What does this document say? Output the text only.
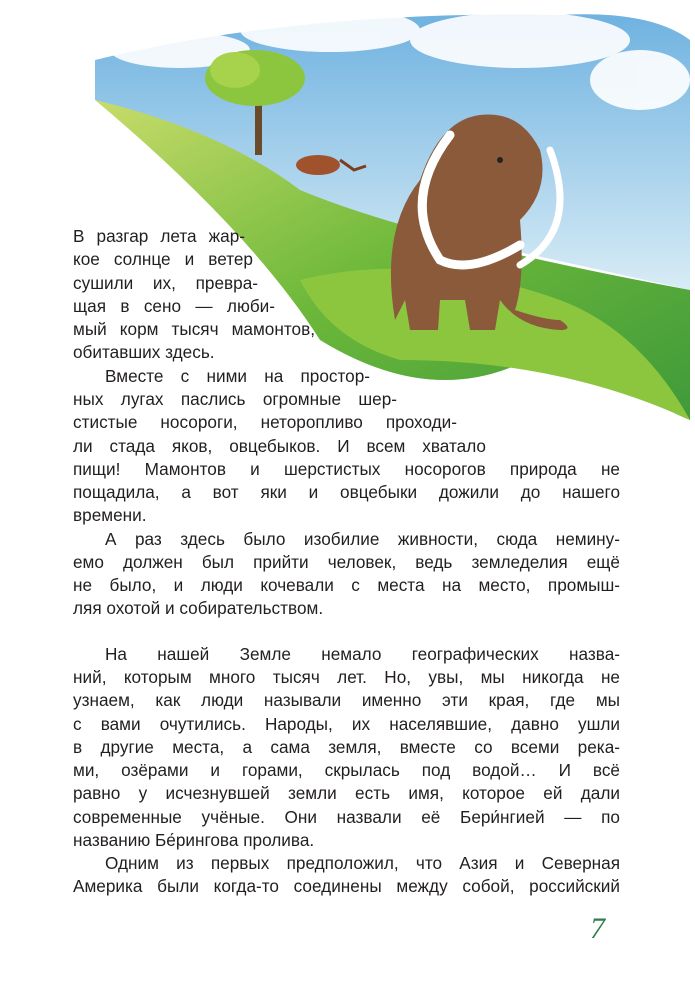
В разгар лета жар-
кое солнце и ветер
сушили их, превра-
щая в сено — люби-
мый корм тысяч мамонтов,
обитавших здесь.
Вместе с ними на простор-
ных лугах паслись огромные шер-
стистые носороги, неторопливо проходи-
ли стада яков, овцебыков. И всем хватало
пищи! Мамонтов и шерстистых носорогов природа не
пощадила, а вот яки и овцебыки дожили до нашего
времени.
А раз здесь было изобилие живности, сюда немину-
емо должен был прийти человек, ведь земледелия ещё
не было, и люди кочевали с места на место, промыш-
ляя охотой и собирательством.
На нашей Земле немало географических назва-
ний, которым много тысяч лет. Но, увы, мы никогда не
узнаем, как люди называли именно эти края, где мы
с вами очутились. Народы, их населявшие, давно ушли
в другие места, а сама земля, вместе со всеми река-
ми, озёрами и горами, скрылась под водой… И всё
равно у исчезнувшей земли есть имя, которое ей дали
современные учёные. Они назвали её Бери́нгией — по
названию Бе́рингова пролива.
Одним из первых предположил, что Азия и Северная
Америка были когда-то соединены между собой, российский
7
